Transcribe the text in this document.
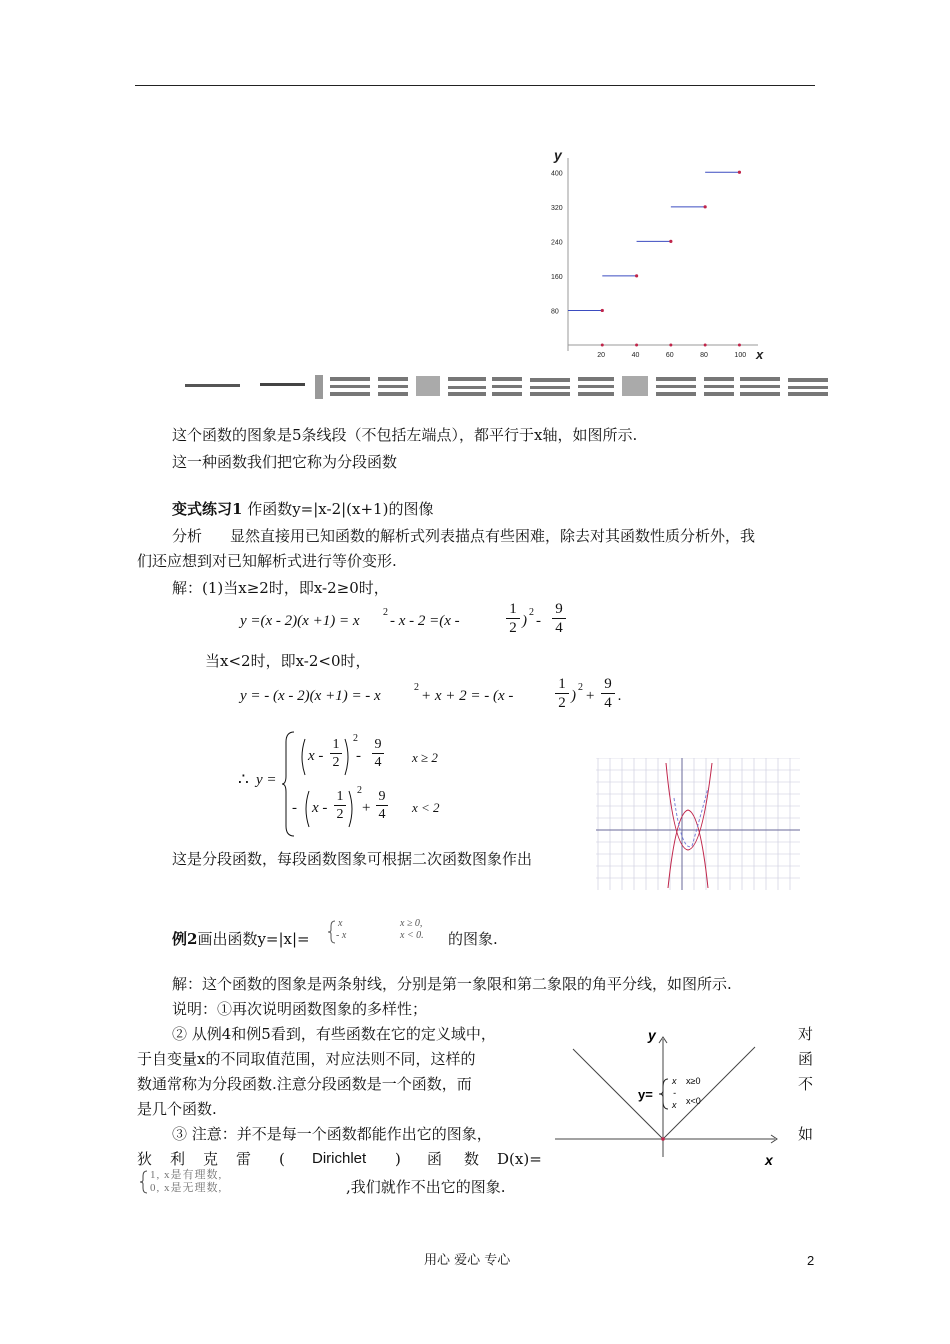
y
x
20	40	60	80	100
80
160
240
320
400
这个函数的图象是5条线段（不包括左端点），都平行于x轴，如图所示.
这一种函数我们把它称为分段函数
变式练习1 作函数y=|x-2|(x+1)的图像
分析 显然直接用已知函数的解析式列表描点有些困难，除去对其函数性质分析外，我
们还应想到对已知解析式进行等价变形.
解：(1)当x≥2时，即x-2≥0时，
y =(x - 2)(x +1) = x
2
- x - 2 =(x -
1
2 )
2
-
9
4
当x<2时，即x-2<0时，
y = - (x - 2)(x +1) = - x
2
+ x + 2 = - (x -
1
2 )
2
+
9
4 .
∴ y =
x -
1
2
2
-
9
4 x ≥ 2
- x -
1
2
2
+
9
4 x < 2
这是分段函数，每段函数图象可根据二次函数图象作出
例2画出函数y=|x|=
x	x ≥ 0,
- x	x < 0. 的图象.
解：这个函数的图象是两条射线，分别是第一象限和第二象限的角平分线，如图所示.
说明：①再次说明函数图象的多样性；
② 从例4和例5看到，有些函数在它的定义域中，	对
于自变量x的不同取值范围，对应法则不同，这样的	函
数通常称为分段函数.注意分段函数是一个函数，而	不
是几个函数.
③ 注意：并不是每一个函数都能作出它的图象，	如
狄 利 克 雷 ( Dirichlet ) 函 数 D(x)=
1, x是有理数,
0, x是无理数,	,我们就作不出它的图象.
y
x
y=
x x≥0
-
x x<0
用心 爱心 专心	2
